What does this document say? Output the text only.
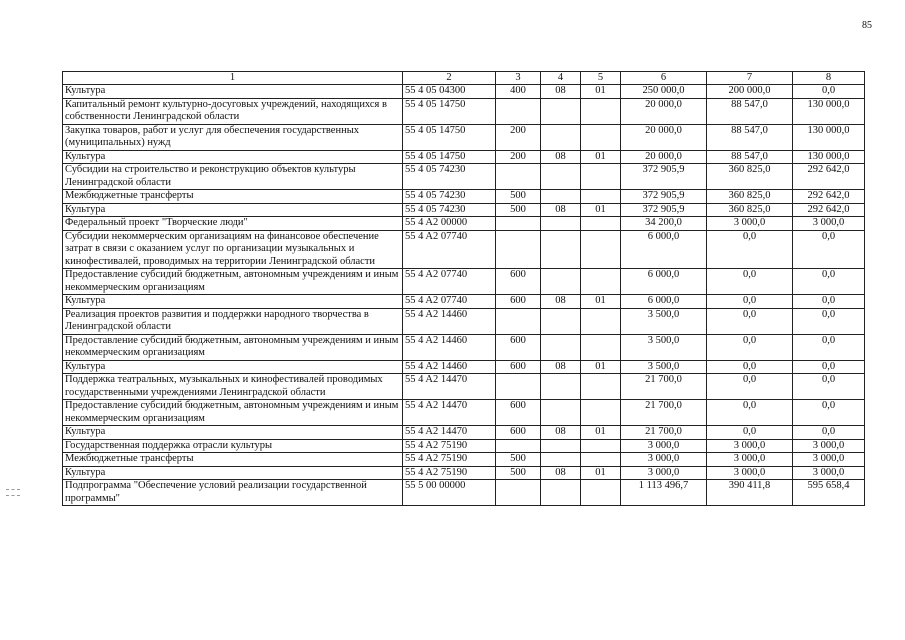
85
1	2	3	4	5	6	7	8
Культура	55 4 05 04300	400	08	01	250 000,0	200 000,0	0,0
Капитальный ремонт культурно-досуговых учреждений, находящихся в собственности Ленинградской области	55 4 05 14750				20 000,0	88 547,0	130 000,0
Закупка товаров, работ и услуг для обеспечения государственных (муниципальных) нужд	55 4 05 14750	200			20 000,0	88 547,0	130 000,0
Культура	55 4 05 14750	200	08	01	20 000,0	88 547,0	130 000,0
Субсидии на строительство и реконструкцию объектов культуры Ленинградской области	55 4 05 74230				372 905,9	360 825,0	292 642,0
Межбюджетные трансферты	55 4 05 74230	500			372 905,9	360 825,0	292 642,0
Культура	55 4 05 74230	500	08	01	372 905,9	360 825,0	292 642,0
Федеральный проект "Творческие люди"	55 4 A2 00000				34 200,0	3 000,0	3 000,0
Субсидии некоммерческим организациям на финансовое обеспечение затрат в связи с оказанием услуг по организации музыкальных и кинофестивалей, проводимых на территории Ленинградской области	55 4 A2 07740				6 000,0	0,0	0,0
Предоставление субсидий бюджетным, автономным учреждениям и иным некоммерческим организациям	55 4 A2 07740	600			6 000,0	0,0	0,0
Культура	55 4 A2 07740	600	08	01	6 000,0	0,0	0,0
Реализация проектов развития и поддержки народного творчества в Ленинградской области	55 4 A2 14460				3 500,0	0,0	0,0
Предоставление субсидий бюджетным, автономным учреждениям и иным некоммерческим организациям	55 4 A2 14460	600			3 500,0	0,0	0,0
Культура	55 4 A2 14460	600	08	01	3 500,0	0,0	0,0
Поддержка театральных, музыкальных и кинофестивалей проводимых государственными учреждениями Ленинградской области	55 4 A2 14470				21 700,0	0,0	0,0
Предоставление субсидий бюджетным, автономным учреждениям и иным некоммерческим организациям	55 4 A2 14470	600			21 700,0	0,0	0,0
Культура	55 4 A2 14470	600	08	01	21 700,0	0,0	0,0
Государственная поддержка отрасли культуры	55 4 A2 75190				3 000,0	3 000,0	3 000,0
Межбюджетные трансферты	55 4 A2 75190	500			3 000,0	3 000,0	3 000,0
Культура	55 4 A2 75190	500	08	01	3 000,0	3 000,0	3 000,0
Подпрограмма "Обеспечение условий реализации государственной программы"	55 5 00 00000				1 113 496,7	390 411,8	595 658,4
